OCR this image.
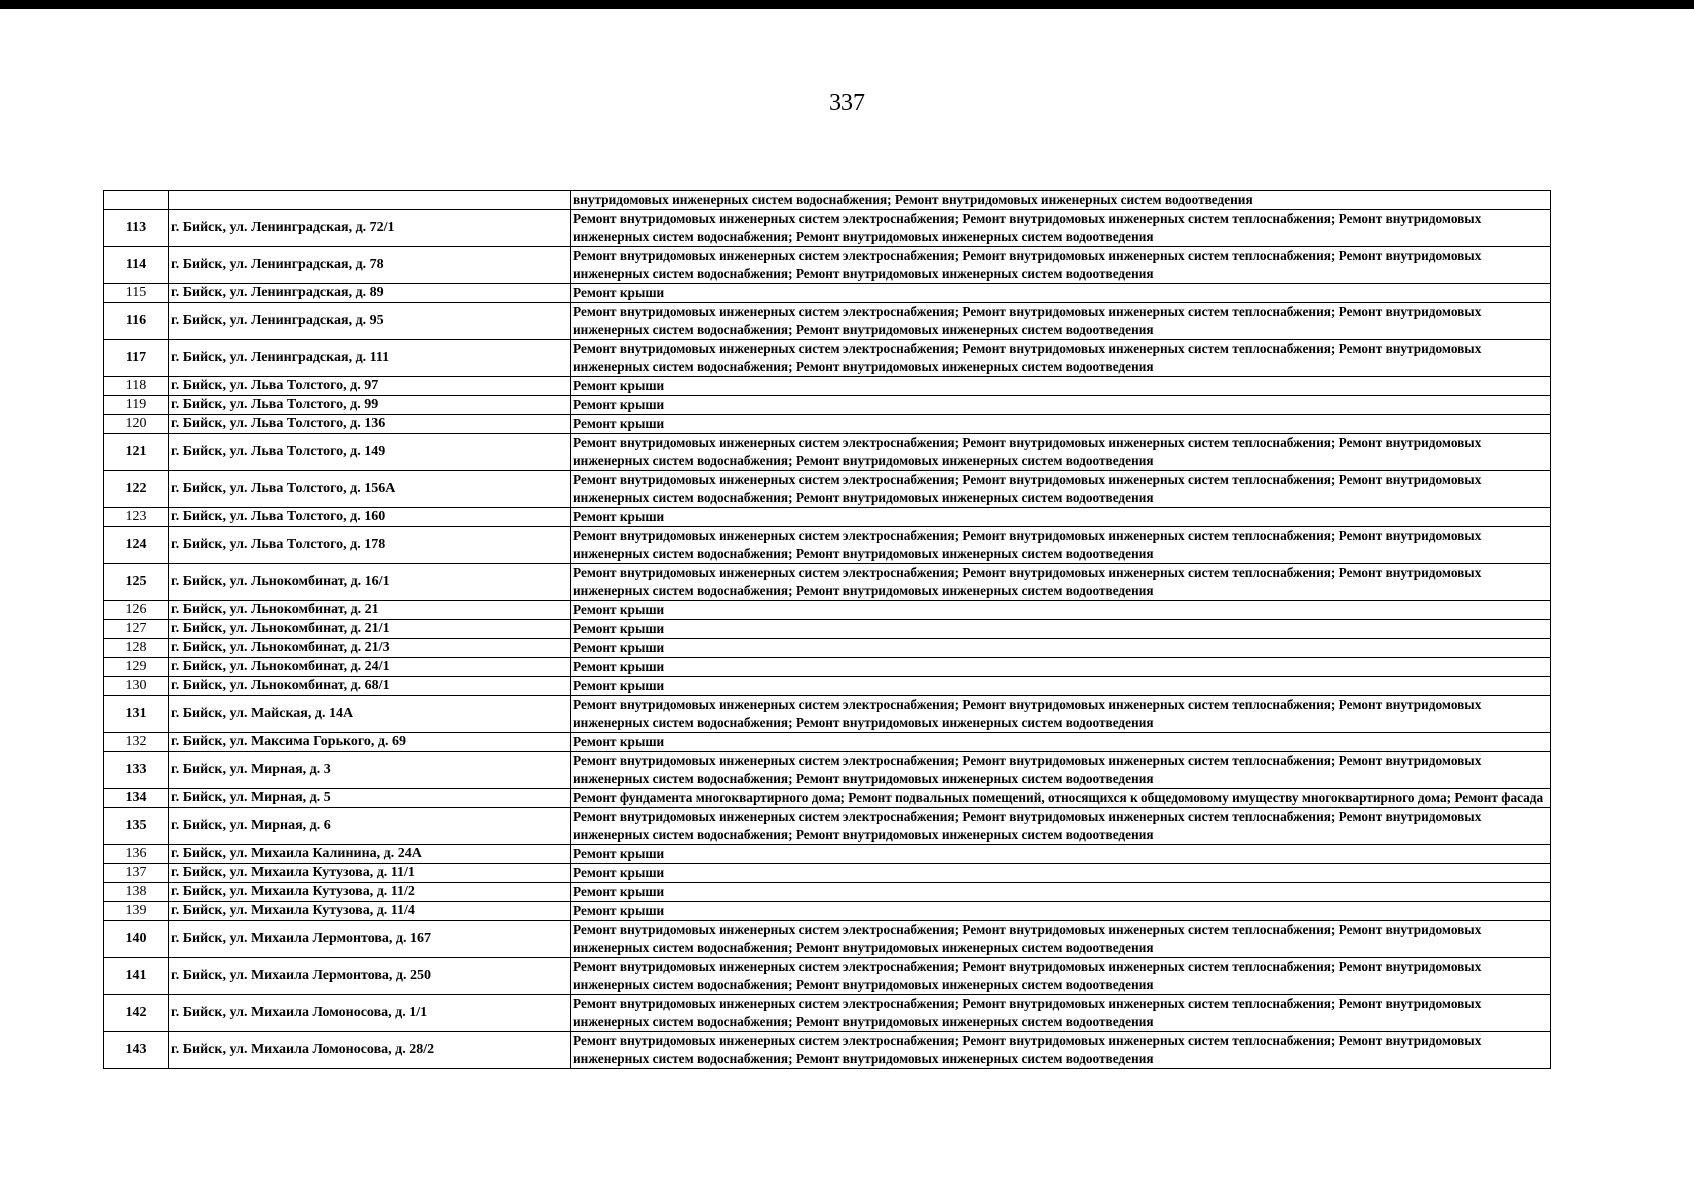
337
		внутридомовых инженерных систем водоснабжения; Ремонт внутридомовых инженерных систем водоотведения
113	г. Бийск, ул. Ленинградская, д. 72/1	Ремонт внутридомовых инженерных систем электроснабжения; Ремонт внутридомовых инженерных систем теплоснабжения; Ремонт внутридомовых инженерных систем водоснабжения; Ремонт внутридомовых инженерных систем водоотведения
114	г. Бийск, ул. Ленинградская, д. 78	Ремонт внутридомовых инженерных систем электроснабжения; Ремонт внутридомовых инженерных систем теплоснабжения; Ремонт внутридомовых инженерных систем водоснабжения; Ремонт внутридомовых инженерных систем водоотведения
115	г. Бийск, ул. Ленинградская, д. 89	Ремонт крыши
116	г. Бийск, ул. Ленинградская, д. 95	Ремонт внутридомовых инженерных систем электроснабжения; Ремонт внутридомовых инженерных систем теплоснабжения; Ремонт внутридомовых инженерных систем водоснабжения; Ремонт внутридомовых инженерных систем водоотведения
117	г. Бийск, ул. Ленинградская, д. 111	Ремонт внутридомовых инженерных систем электроснабжения; Ремонт внутридомовых инженерных систем теплоснабжения; Ремонт внутридомовых инженерных систем водоснабжения; Ремонт внутридомовых инженерных систем водоотведения
118	г. Бийск, ул. Льва Толстого, д. 97	Ремонт крыши
119	г. Бийск, ул. Льва Толстого, д. 99	Ремонт крыши
120	г. Бийск, ул. Льва Толстого, д. 136	Ремонт крыши
121	г. Бийск, ул. Льва Толстого, д. 149	Ремонт внутридомовых инженерных систем электроснабжения; Ремонт внутридомовых инженерных систем теплоснабжения; Ремонт внутридомовых инженерных систем водоснабжения; Ремонт внутридомовых инженерных систем водоотведения
122	г. Бийск, ул. Льва Толстого, д. 156А	Ремонт внутридомовых инженерных систем электроснабжения; Ремонт внутридомовых инженерных систем теплоснабжения; Ремонт внутридомовых инженерных систем водоснабжения; Ремонт внутридомовых инженерных систем водоотведения
123	г. Бийск, ул. Льва Толстого, д. 160	Ремонт крыши
124	г. Бийск, ул. Льва Толстого, д. 178	Ремонт внутридомовых инженерных систем электроснабжения; Ремонт внутридомовых инженерных систем теплоснабжения; Ремонт внутридомовых инженерных систем водоснабжения; Ремонт внутридомовых инженерных систем водоотведения
125	г. Бийск, ул. Льнокомбинат, д. 16/1	Ремонт внутридомовых инженерных систем электроснабжения; Ремонт внутридомовых инженерных систем теплоснабжения; Ремонт внутридомовых инженерных систем водоснабжения; Ремонт внутридомовых инженерных систем водоотведения
126	г. Бийск, ул. Льнокомбинат, д. 21	Ремонт крыши
127	г. Бийск, ул. Льнокомбинат, д. 21/1	Ремонт крыши
128	г. Бийск, ул. Льнокомбинат, д. 21/3	Ремонт крыши
129	г. Бийск, ул. Льнокомбинат, д. 24/1	Ремонт крыши
130	г. Бийск, ул. Льнокомбинат, д. 68/1	Ремонт крыши
131	г. Бийск, ул. Майская, д. 14А	Ремонт внутридомовых инженерных систем электроснабжения; Ремонт внутридомовых инженерных систем теплоснабжения; Ремонт внутридомовых инженерных систем водоснабжения; Ремонт внутридомовых инженерных систем водоотведения
132	г. Бийск, ул. Максима Горького, д. 69	Ремонт крыши
133	г. Бийск, ул. Мирная, д. 3	Ремонт внутридомовых инженерных систем электроснабжения; Ремонт внутридомовых инженерных систем теплоснабжения; Ремонт внутридомовых инженерных систем водоснабжения; Ремонт внутридомовых инженерных систем водоотведения
134	г. Бийск, ул. Мирная, д. 5	Ремонт фундамента многоквартирного дома; Ремонт подвальных помещений, относящихся к общедомовому имуществу многоквартирного дома; Ремонт фасада
135	г. Бийск, ул. Мирная, д. 6	Ремонт внутридомовых инженерных систем электроснабжения; Ремонт внутридомовых инженерных систем теплоснабжения; Ремонт внутридомовых инженерных систем водоснабжения; Ремонт внутридомовых инженерных систем водоотведения
136	г. Бийск, ул. Михаила Калинина, д. 24А	Ремонт крыши
137	г. Бийск, ул. Михаила Кутузова, д. 11/1	Ремонт крыши
138	г. Бийск, ул. Михаила Кутузова, д. 11/2	Ремонт крыши
139	г. Бийск, ул. Михаила Кутузова, д. 11/4	Ремонт крыши
140	г. Бийск, ул. Михаила Лермонтова, д. 167	Ремонт внутридомовых инженерных систем электроснабжения; Ремонт внутридомовых инженерных систем теплоснабжения; Ремонт внутридомовых инженерных систем водоснабжения; Ремонт внутридомовых инженерных систем водоотведения
141	г. Бийск, ул. Михаила Лермонтова, д. 250	Ремонт внутридомовых инженерных систем электроснабжения; Ремонт внутридомовых инженерных систем теплоснабжения; Ремонт внутридомовых инженерных систем водоснабжения; Ремонт внутридомовых инженерных систем водоотведения
142	г. Бийск, ул. Михаила Ломоносова, д. 1/1	Ремонт внутридомовых инженерных систем электроснабжения; Ремонт внутридомовых инженерных систем теплоснабжения; Ремонт внутридомовых инженерных систем водоснабжения; Ремонт внутридомовых инженерных систем водоотведения
143	г. Бийск, ул. Михаила Ломоносова, д. 28/2	Ремонт внутридомовых инженерных систем электроснабжения; Ремонт внутридомовых инженерных систем теплоснабжения; Ремонт внутридомовых инженерных систем водоснабжения; Ремонт внутридомовых инженерных систем водоотведения
